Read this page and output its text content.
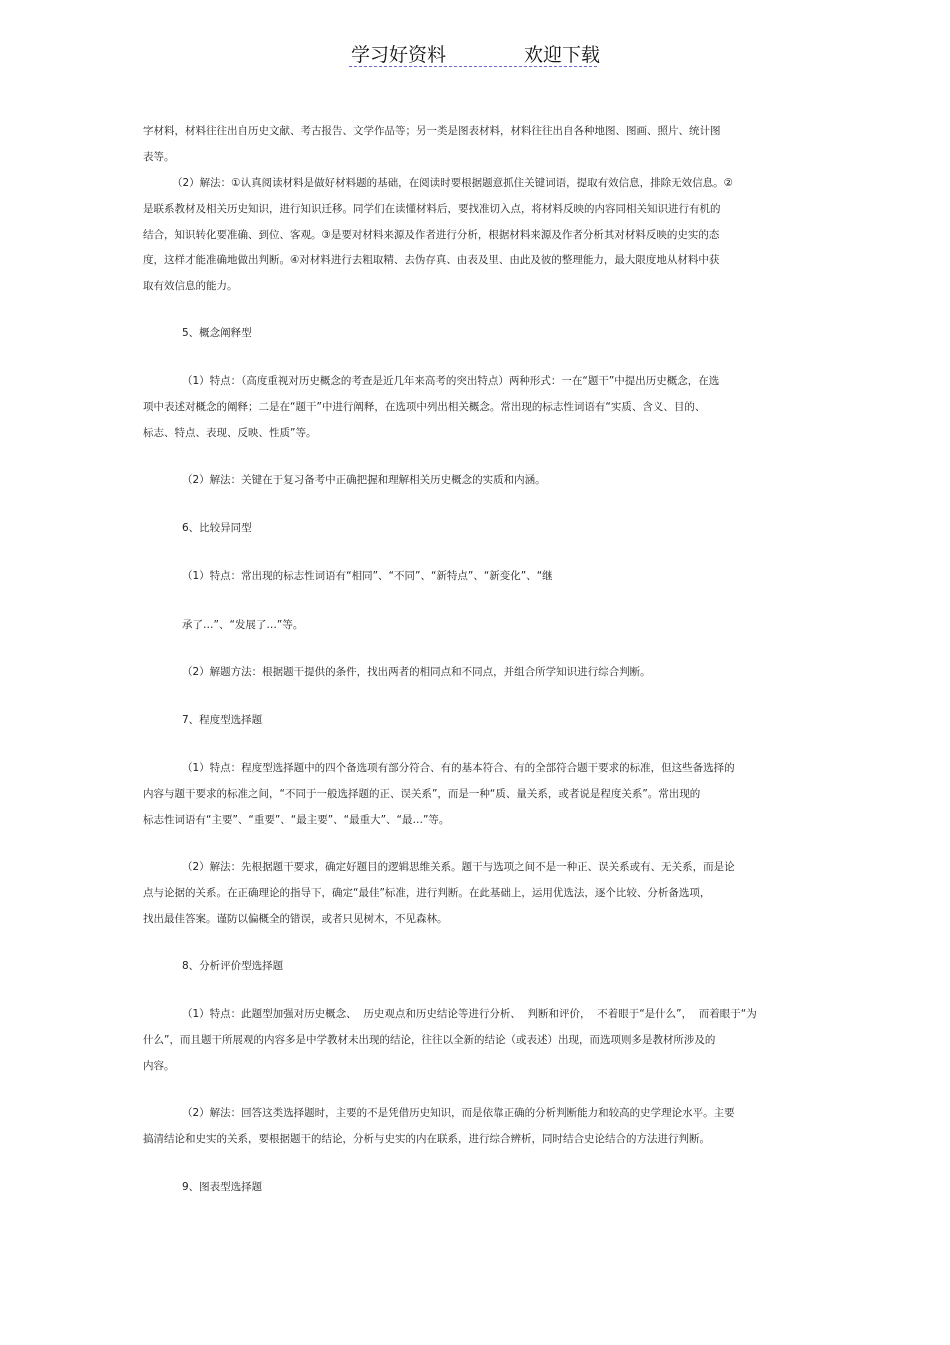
学习好资料	欢迎下载
字材料，材料往往出自历史文献、考古报告、文学作品等；另一类是图表材料，材料往往出自各种地图、图画、照片、统计图
表等。
（2）解法：①认真阅读材料是做好材料题的基础，在阅读时要根据题意抓住关键词语，提取有效信息，排除无效信息。②
是联系教材及相关历史知识，进行知识迁移。同学们在读懂材料后，要找准切入点，将材料反映的内容同相关知识进行有机的
结合，知识转化要准确、到位、客观。③是要对材料来源及作者进行分析，根据材料来源及作者分析其对材料反映的史实的态
度，这样才能准确地做出判断。④对材料进行去粗取精、去伪存真、由表及里、由此及彼的整理能力，最大限度地从材料中获
取有效信息的能力。
5、概念阐释型
（1）特点：（高度重视对历史概念的考查是近几年来高考的突出特点）两种形式：一在“题干”中提出历史概念，在选
项中表述对概念的阐释；二是在“题干”中进行阐释，在选项中列出相关概念。常出现的标志性词语有“实质、含义、目的、
标志、特点、表现、反映、性质”等。
（2）解法：关键在于复习备考中正确把握和理解相关历史概念的实质和内涵。
6、比较异同型
（1）特点：常出现的标志性词语有“相同”、“不同”、“新特点”、“新变化”、“继
承了…”、“发展了…”等。
（2）解题方法：根据题干提供的条件，找出两者的相同点和不同点，并组合所学知识进行综合判断。
7、程度型选择题
（1）特点：程度型选择题中的四个备选项有部分符合、有的基本符合、有的全部符合题干要求的标准，但这些备选择的
内容与题干要求的标准之间，“不同于一般选择题的正、误关系”，而是一种“质、量关系，或者说是程度关系”。常出现的
标志性词语有“主要”、“重要”、“最主要”、“最重大”、“最…”等。
（2）解法：先根据题干要求，确定好题目的逻辑思维关系。题干与选项之间不是一种正、误关系或有、无关系，而是论
点与论据的关系。在正确理论的指导下，确定“最佳”标准，进行判断。在此基础上，运用优选法，逐个比较、分析备选项，
找出最佳答案。谨防以偏概全的错误，或者只见树木，不见森林。
8、分析评价型选择题
（1）特点：此题型加强对历史概念、  历史观点和历史结论等进行分析、  判断和评价，  不着眼于“是什么”，  而着眼于“为
什么”，而且题干所展观的内容多是中学教材未出现的结论，往往以全新的结论（或表述）出现，而选项则多是教材所涉及的
内容。
（2）解法：回答这类选择题时，主要的不是凭借历史知识，而是依靠正确的分析判断能力和较高的史学理论水平。主要
搞清结论和史实的关系，要根据题干的结论，分析与史实的内在联系，进行综合辨析，同时结合史论结合的方法进行判断。
9、图表型选择题
